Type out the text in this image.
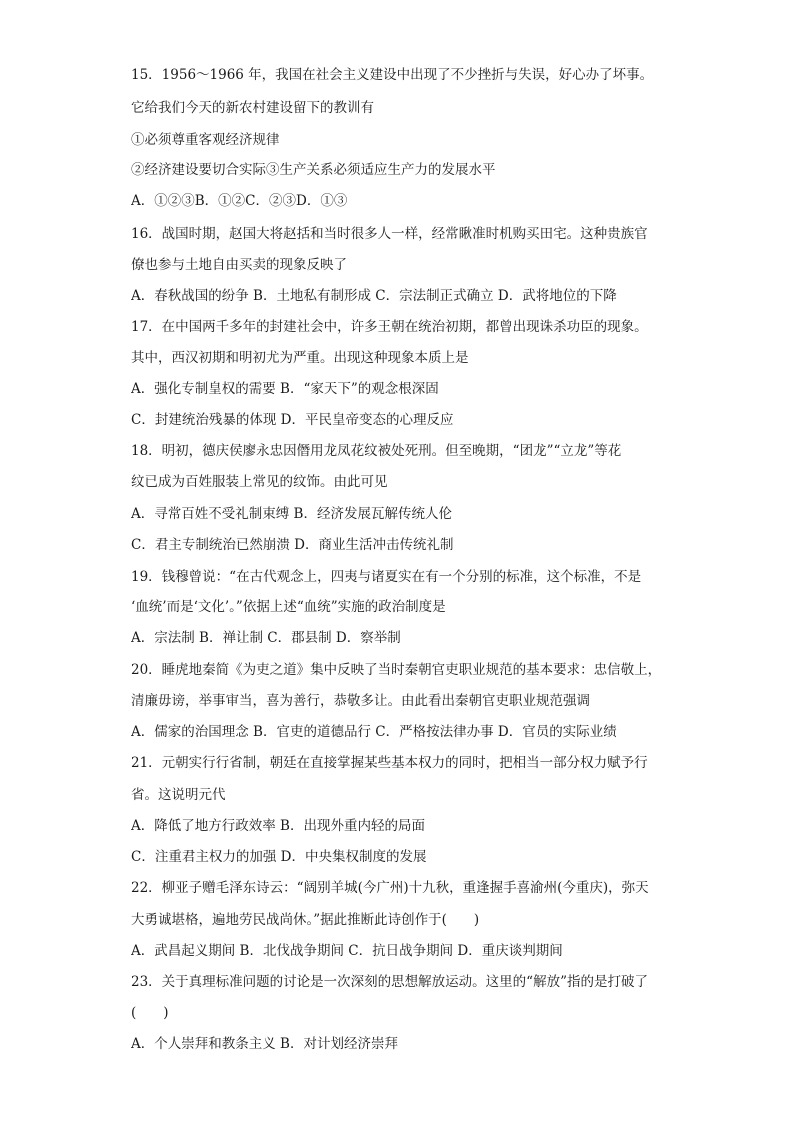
15．1956～1966 年，我国在社会主义建设中出现了不少挫折与失误，好心办了坏事。
它给我们今天的新农村建设留下的教训有
①必须尊重客观经济规律
②经济建设要切合实际③生产关系必须适应生产力的发展水平
A．①②③B．①②C．②③D．①③
16．战国时期，赵国大将赵括和当时很多人一样，经常瞅准时机购买田宅。这种贵族官
僚也参与土地自由买卖的现象反映了
A．春秋战国的纷争 B．土地私有制形成 C．宗法制正式确立 D．武将地位的下降
17．在中国两千多年的封建社会中，许多王朝在统治初期，都曾出现诛杀功臣的现象。
其中，西汉初期和明初尤为严重。出现这种现象本质上是
A．强化专制皇权的需要 B．“家天下”的观念根深固
C．封建统治残暴的体现 D．平民皇帝变态的心理反应
18．明初，德庆侯廖永忠因僭用龙凤花纹被处死刑。但至晚期，“团龙”“立龙”等花
纹已成为百姓服装上常见的纹饰。由此可见
A．寻常百姓不受礼制束缚 B．经济发展瓦解传统人伦
C．君主专制统治已然崩溃 D．商业生活冲击传统礼制
19．钱穆曾说：“在古代观念上，四夷与诸夏实在有一个分别的标准，这个标准，不是
‘血统’而是‘文化’。”依据上述“血统”实施的政治制度是
A．宗法制 B．禅让制 C．郡县制 D．察举制
20．睡虎地秦简《为吏之道》集中反映了当时秦朝官吏职业规范的基本要求：忠信敬上，
清廉毋谤，举事审当，喜为善行，恭敬多让。由此看出秦朝官吏职业规范强调
A．儒家的治国理念 B．官吏的道德品行 C．严格按法律办事 D．官员的实际业绩
21．元朝实行行省制，朝廷在直接掌握某些基本权力的同时，把相当一部分权力赋予行
省。这说明元代
A．降低了地方行政效率 B．出现外重内轻的局面
C．注重君主权力的加强 D．中央集权制度的发展
22．柳亚子赠毛泽东诗云：“阔别羊城(今广州)十九秋，重逢握手喜渝州(今重庆)，弥天
大勇诚堪格，遍地劳民战尚休。”据此推断此诗创作于(　　)
A．武昌起义期间 B．北伐战争期间 C．抗日战争期间 D．重庆谈判期间
23．关于真理标准问题的讨论是一次深刻的思想解放运动。这里的“解放”指的是打破了
(　　)
A．个人崇拜和教条主义 B．对计划经济崇拜
